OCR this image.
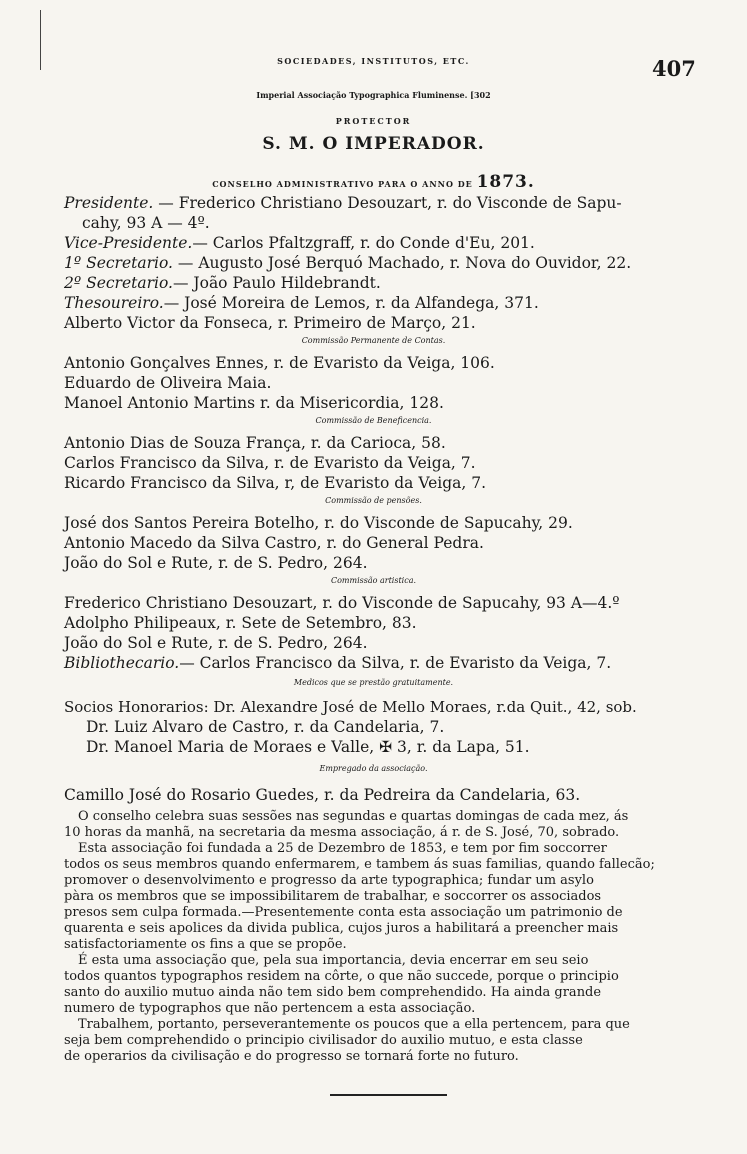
SOCIEDADES, INSTITUTOS, ETC.	407
Imperial Associação Typographica Fluminense. [302
PROTECTOR
S. M. O IMPERADOR.
CONSELHO ADMINISTRATIVO PARA O ANNO DE 1873.
Presidente. — Frederico Christiano Desouzart, r. do Visconde de Sapu-
cahy, 93 A — 4º.
Vice-Presidente.— Carlos Pfaltzgraff, r. do Conde d'Eu, 201.
1º Secretario. — Augusto José Berquó Machado, r. Nova do Ouvidor, 22.
2º Secretario.— João Paulo Hildebrandt.
Thesoureiro.— José Moreira de Lemos, r. da Alfandega, 371.
Alberto Victor da Fonseca, r. Primeiro de Março, 21.
Commissão Permanente de Contas.
Antonio Gonçalves Ennes, r. de Evaristo da Veiga, 106.
Eduardo de Oliveira Maia.
Manoel Antonio Martins r. da Misericordia, 128.
Commissão de Beneficencia.
Antonio Dias de Souza França, r. da Carioca, 58.
Carlos Francisco da Silva, r. de Evaristo da Veiga, 7.
Ricardo Francisco da Silva, r, de Evaristo da Veiga, 7.
Commissão de pensões.
José dos Santos Pereira Botelho, r. do Visconde de Sapucahy, 29.
Antonio Macedo da Silva Castro, r. do General Pedra.
João do Sol e Rute, r. de S. Pedro, 264.
Commissão artistica.
Frederico Christiano Desouzart, r. do Visconde de Sapucahy, 93 A—4.º
Adolpho Philipeaux, r. Sete de Setembro, 83.
João do Sol e Rute, r. de S. Pedro, 264.
Bibliothecario.— Carlos Francisco da Silva, r. de Evaristo da Veiga, 7.
Medicos que se prestão gratuitamente.
Socios Honorarios: Dr. Alexandre José de Mello Moraes, r.da Quit., 42, sob.
Dr. Luiz Alvaro de Castro, r. da Candelaria, 7.
Dr. Manoel Maria de Moraes e Valle, ✠ 3, r. da Lapa, 51.
Empregado da associação.
Camillo José do Rosario Guedes, r. da Pedreira da Candelaria, 63.
O conselho celebra suas sessões nas segundas e quartas domingas de cada mez, ás
10 horas da manhã, na secretaria da mesma associação, á r. de S. José, 70, sobrado.
Esta associação foi fundada a 25 de Dezembro de 1853, e tem por fim soccorrer
todos os seus membros quando enfermarem, e tambem ás suas familias, quando fallecão;
promover o desenvolvimento e progresso da arte typographica; fundar um asylo
pàra os membros que se impossibilitarem de trabalhar, e soccorrer os associados
presos sem culpa formada.—Presentemente conta esta associação um patrimonio de
quarenta e seis apolices da divida publica, cujos juros a habilitará a preencher mais
satisfactoriamente os fins a que se propõe.
É esta uma associação que, pela sua importancia, devia encerrar em seu seio
todos quantos typographos residem na côrte, o que não succede, porque o principio
santo do auxilio mutuo ainda não tem sido bem comprehendido. Ha ainda grande
numero de typographos que não pertencem a esta associação.
Trabalhem, portanto, perseverantemente os poucos que a ella pertencem, para que
seja bem comprehendido o principio civilisador do auxilio mutuo, e esta classe
de operarios da civilisação e do progresso se tornará forte no futuro.
